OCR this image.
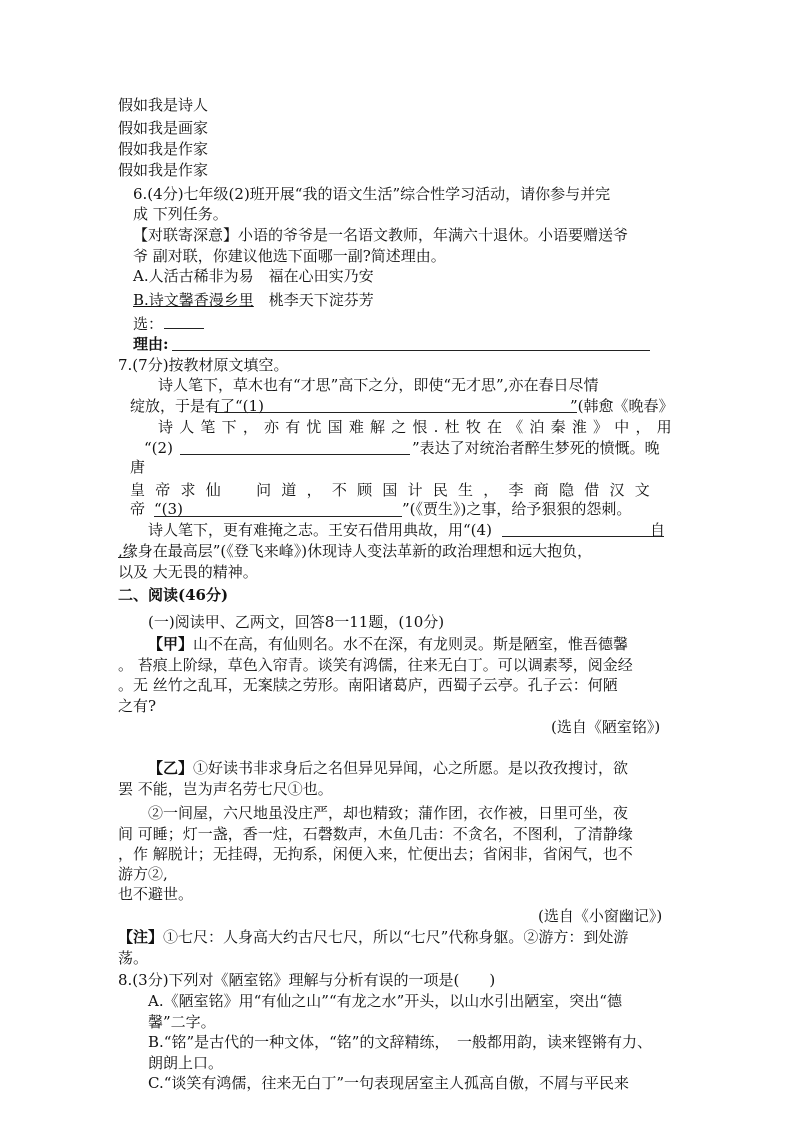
假如我是诗人
假如我是画家
假如我是作家
假如我是作家
6.(4分)七年级(2)班开展“我的语文生活”综合性学习活动，请你参与并完
成 下列任务。
【对联寄深意】小语的爷爷是一名语文教师，年满六十退休。小语要赠送爷
爷 副对联，你建议他选下面哪一副?简述理由。
A.人活古稀非为易　福在心田实乃安
B.诗文馨香漫乡里　桃李天下淀芬芳
选：
理由:
7.(7分)按教材原文填空。
诗人笔下，草木也有“才思”高下之分，即使“无才思”,亦在春日尽情
绽放，于是有了“(1)	”(韩愈《晚春》
诗 人 笔 下 ， 亦 有 忧 国 难 解 之 恨 . 杜 牧 在 《 泊 秦 淮 》 中 ， 用
“(2)	”表达了对统治者醉生梦死的愤慨。晚
唐
皇 帝 求 仙
　 问 道 ， 不 顾 国 计 民 生 ， 李 商 隐 借 汉 文
帝 “(3)	”(《贾生》)之事，给予狠狠的怨刺。
诗人笔下，更有难掩之志。王安石借用典故，用“(4)	自
,缘身在最高层”(《登飞来峰》)休现诗人变法革新的政治理想和远大抱负，
以及 大无畏的精神。
二、阅读(46分)
(一)阅读甲、乙两文，回答8一11题，(10分)
【甲】山不在高，有仙则名。水不在深，有龙则灵。斯是陋室，惟吾德馨
。 苔痕上阶绿，草色入帘青。谈笑有鸿儒，往来无白丁。可以调素琴，阅金经
。无 丝竹之乱耳，无案牍之劳形。南阳诸葛庐，西蜀子云亭。孔子云：何陋
之有?
(选自《陋室铭》)
【乙】①好读书非求身后之名但异见异闻，心之所愿。是以孜孜搜讨，欲
罢 不能，岂为声名劳七尺①也。
②一间屋，六尺地虽没庄严，却也精致；蒲作团，衣作被，日里可坐，夜
间 可睡；灯一盏，香一炷，石磬数声，木鱼几击：不贪名，不图利，了清静缘
，作 解脱计；无挂碍，无拘系，闲便入来，忙便出去；省闲非，省闲气，也不
游方②,
也不避世。
(选自《小窗幽记》)
【注】①七尺：人身高大约古尺七尺，所以“七尺”代称身躯。②游方：到处游
荡。
8.(3分)下列对《陋室铭》理解与分析有误的一项是(　　)
A.《陋室铭》用“有仙之山”“有龙之水”开头，以山水引出陋室，突出“德
馨”二字。
B.“铭”是古代的一种文体，“铭”的文辞精练，　一般都用韵，读来铿锵有力、
朗朗上口。
C.“谈笑有鸿儒，往来无白丁”一句表现居室主人孤高自傲，不屑与平民来
